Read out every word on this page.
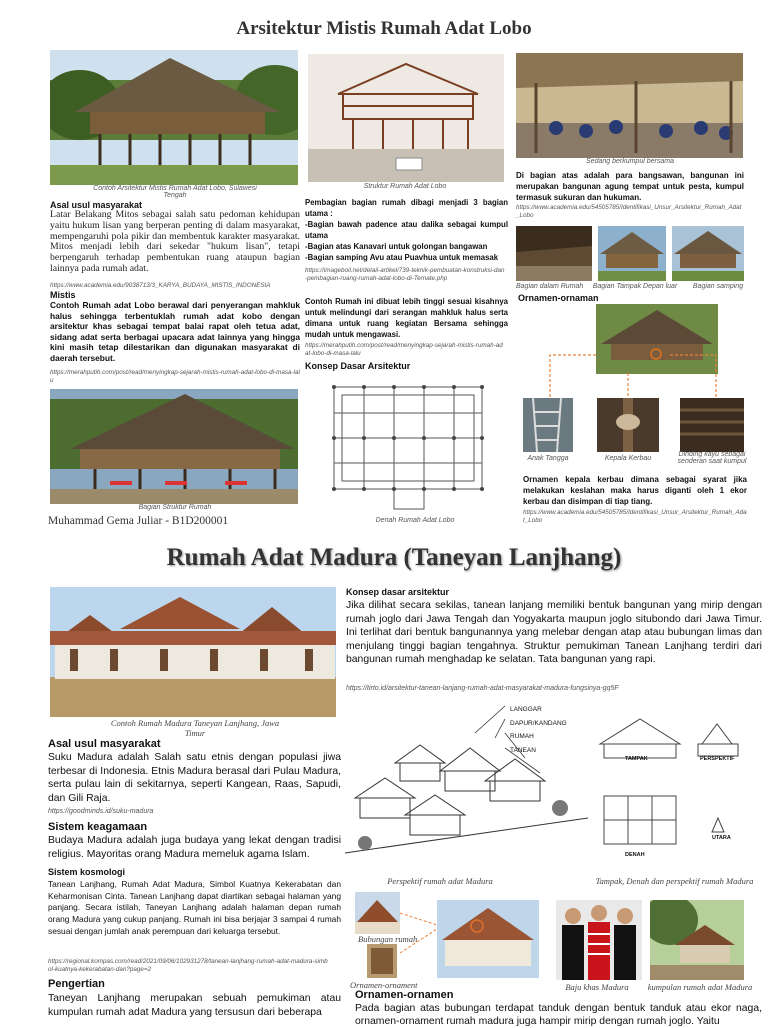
Arsitektur Mistis Rumah Adat Lobo
Contoh Arsitektur Mistis Rumah Adat Lobo, Sulawesi Tengah
Asal usul masyarakat
Latar Belakang Mitos sebagai salah satu pedoman kehidupan yaitu hukum lisan yang berperan penting di dalam masyarakat, mempengaruhi pola pikir dan membentuk karakter masyarakat. Mitos menjadi lebih dari sekedar "hukum lisan", tetapi berpengaruh terhadap pembentukan ruang ataupun bagian lainnya pada rumah adat.
https://www.academia.edu/9038713/3_KARYA_BUDAYA_MISTIS_INDONESIA
Mistis
Contoh Rumah adat Lobo berawal dari penyerangan mahkluk halus sehingga terbentuklah rumah adat kobo dengan arsitektur khas sebagai tempat balai rapat oleh tetua adat, sidang adat serta berbagai upacara adat lainnya yang hingga kini masih tetap dilestarikan dan digunakan masyarakat di daerah tersebut.
https://merahputih.com/post/read/menyingkap-sejarah-mistis-rumah-adat-lobo-di-masa-lalu
Bagian Struktur Rumah
Muhammad Gema Juliar - B1D200001
Struktur Rumah Adat Lobo
Pembagian bagian rumah dibagi menjadi 3 bagian utama :
-Bagian bawah padence atau dalika sebagai kumpul utama
-Bagian atas Kanavari untuk golongan bangawan
-Bagian samping Avu atau Puavhua untuk memasak
https://imageboil.net/detail-artikel/739-teknik-pembuatan-konstruksi-dan-pembagian-ruang-rumah-adat-lobo-di-Ternate.php
Contoh Rumah ini dibuat lebih tinggi sesuai kisahnya untuk melindungi dari serangan mahkluk halus serta dimana untuk ruang kegiatan Bersama sehingga mudah untuk mengawasi.
https://merahputih.com/post/read/menyingkap-sejarah-mistis-rumah-adat-lobo-di-masa-lalu
Konsep Dasar Arsitektur
Denah Rumah Adat Lobo
Sedang berkumpul bersama
Di bagian atas adalah para bangsawan, bangunan ini merupakan bangunan agung tempat untuk pesta, kumpul termasuk sukuran dan hukuman.
https://www.academia.edu/54505785/Identifikasi_Unsur_Arsitektur_Rumah_Adat_Lobo
Bagian dalam Rumah	Bagian Tampak Depan luar	Bagian samping
Ornamen-ornaman
Anak Tangga	Kepala Kerbau
Dinding kayu sebagai senderan saat kumpul
Ornamen kepala kerbau dimana sebagai syarat jika melakukan keslahan maka harus diganti oleh 1 ekor kerbau dan disimpan di tiap tiang.
https://www.academia.edu/54505785/Identifikasi_Unsur_Arsitektur_Rumah_Adat_Lobo
Rumah Adat Madura (Taneyan Lanjhang)
Contoh Rumah Madura Taneyan Lanjhang, Jawa Timur
Asal usul masyarakat
Suku Madura adalah Salah satu etnis dengan populasi jiwa terbesar di Indonesia. Etnis Madura berasal dari Pulau Madura, serta pulau lain di sekitarnya, seperti Kangean, Raas, Sapudi, dan Gili Raja.
https://goodminds.id/suku-madura
Sistem keagamaan
Budaya Madura adalah juga budaya yang lekat dengan tradisi religius. Mayoritas orang Madura memeluk agama Islam.
Sistem kosmologi
Tanean Lanjhang, Rumah Adat Madura, Simbol Kuatnya Kekerabatan dan Keharmonisan Cinta. Tanean Lanjhang dapat diartikan sebagai halaman yang panjang. Secara istilah, Taneyan Lanjhang adalah halaman depan rumah orang Madura yang cukup panjang. Rumah ini bisa berjajar 3 sampai 4 rumah sesuai dengan jumlah anak perempuan dari keluarga tersebut.
https://regional.kompas.com/read/2021/09/06/102931278/tanean-lanjhang-rumah-adat-madura-simbol-kuatnya-kekerabatan-dan?page=2
Pengertian
Taneyan Lanjhang merupakan sebuah pemukiman atau kumpulan rumah adat Madura yang tersusun dari beberapa
Konsep dasar arsitektur
Jika dilihat secara sekilas, tanean lanjang memiliki bentuk bangunan yang mirip dengan rumah joglo dari Jawa Tengah dan Yogyakarta maupun joglo situbondo dari Jawa Timur. Ini terlihat dari bentuk bangunannya yang melebar dengan atap atau bubungan limas dan menjulang tinggi bagian tengahnya. Struktur pemukiman Tanean Lanjhang terdiri dari bangunan rumah menghadap ke selatan. Tata bangunan yang rapi.
https://tirto.id/arsitektur-tanean-lanjang-rumah-adat-masyarakat-madura-fungsinya-gq5F
LANGGAR
DAPUR/KANDANG
RUMAH
TANEAN
Perspektif rumah adat Madura
TAMPAK	PERSPEKTIF
UTARA
DENAH
Tampak, Denah dan perspektif rumah Madura
Bubungan rumah
Ornamen-ornament	Baju khas Madura	kumpulan rumah adat Madura
Ornamen-ornamen
Pada bagian atas bubungan terdapat tanduk dengan bentuk tanduk atau ekor naga, ornamen-ornament rumah madura juga hampir mirip dengan rumah joglo. Yaitu
